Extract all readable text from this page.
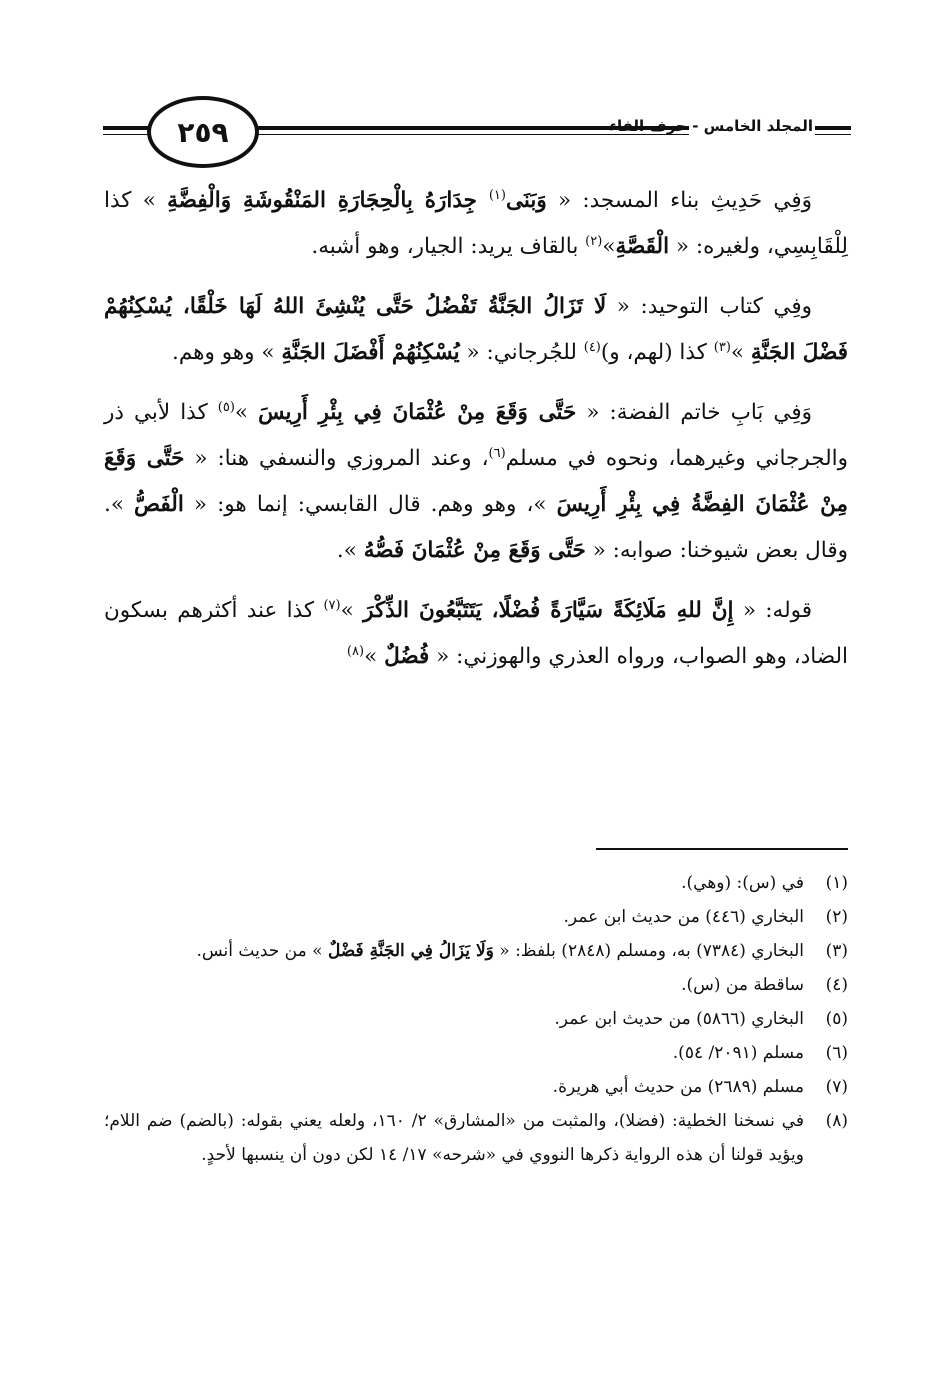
٢٥٩	المجلد الخامس - حرف الفاء

وَفِي حَدِيثِ بناء المسجد: « وَبَنَى$^{(١)}$ جِدَارَهُ بِالْحِجَارَةِ المَنْقُوشَةِ وَالْفِضَّةِ » كذا لِلْقَابِسِي، ولغيره: « الْقَصَّةِ»$^{(٢)}$ بالقاف يريد: الجيار، وهو أشبه.

وفِي كتاب التوحيد: « لَا تَزَالُ الجَنَّةُ تَفْضُلُ حَتَّى يُنْشِئَ اللهُ لَهَا خَلْقًا، يُسْكِنُهُمْ فَضْلَ الجَنَّةِ »$^{(٣)}$ كذا (لهم، و)$^{(٤)}$ للجُرجاني: « يُسْكِنُهُمْ أَفْضَلَ الجَنَّةِ » وهو وهم.

وَفِي بَابِ خاتم الفضة: « حَتَّى وَقَعَ مِنْ عُثْمَانَ فِي بِئْرِ أَرِيسَ »$^{(٥)}$ كذا لأبي ذر والجرجاني وغيرهما، ونحوه في مسلم$^{(٦)}$، وعند المروزي والنسفي هنا: « حَتَّى وَقَعَ مِنْ عُثْمَانَ الفِضَّةُ فِي بِئْرِ أَرِيسَ »، وهو وهم. قال القابسي: إنما هو: « الْفَصُّ ». وقال بعض شيوخنا: صوابه: « حَتَّى وَقَعَ مِنْ عُثْمَانَ فَصُّهُ ».

قوله: « إِنَّ للهِ مَلَائِكَةً سَيَّارَةً فُضْلًا، يَتَتَبَّعُونَ الذِّكْرَ »$^{(٧)}$ كذا عند أكثرهم بسكون الضاد، وهو الصواب، ورواه العذري والهوزني: « فُضُلٌ »$^{(٨)}$

(١)
في (س): (وهي).
(٢)
البخاري (٤٤٦) من حديث ابن عمر.
(٣)
البخاري (٧٣٨٤) به، ومسلم (٢٨٤٨) بلفظ: « وَلَا يَزَالُ فِي الجَنَّةِ فَضْلٌ » من حديث أنس.
(٤)
ساقطة من (س).
(٥)
البخاري (٥٨٦٦) من حديث ابن عمر.
(٦)
مسلم (٢٠٩١/ ٥٤).
(٧)
مسلم (٢٦٨٩) من حديث أبي هريرة.
(٨)
في نسخنا الخطية: (فضلا)، والمثبت من «المشارق» ٢/ ١٦٠، ولعله يعني بقوله: (بالضم) ضم اللام؛ ويؤيد قولنا أن هذه الرواية ذكرها النووي في «شرحه» ١٧/ ١٤ لكن دون أن ينسبها لأحدٍ.
